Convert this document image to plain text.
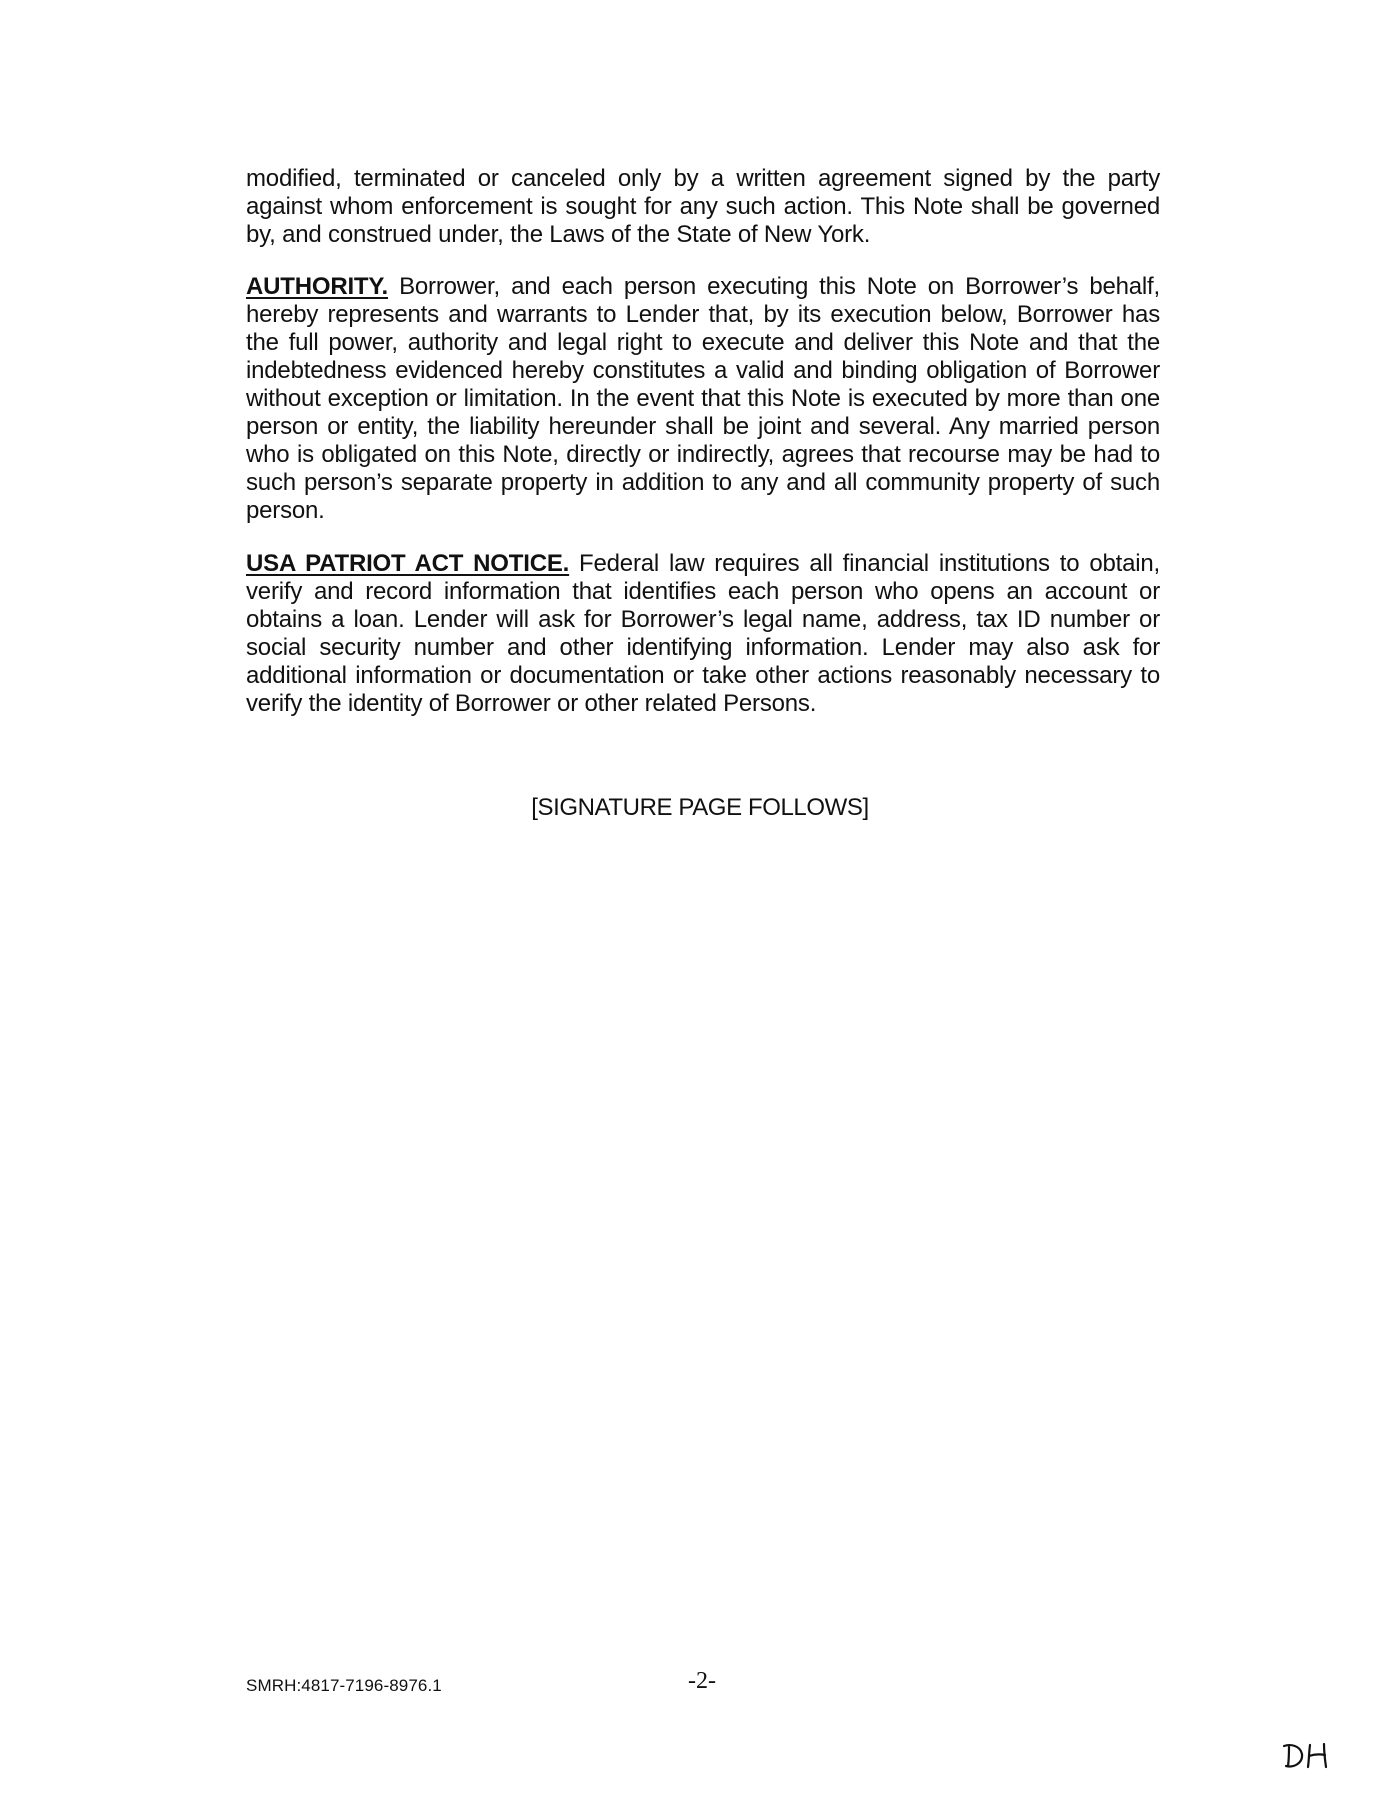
modified, terminated or canceled only by a written agreement signed by the party against whom enforcement is sought for any such action. This Note shall be governed by, and construed under, the Laws of the State of New York.
AUTHORITY. Borrower, and each person executing this Note on Borrower’s behalf, hereby represents and warrants to Lender that, by its execution below, Borrower has the full power, authority and legal right to execute and deliver this Note and that the indebtedness evidenced hereby constitutes a valid and binding obligation of Borrower without exception or limitation. In the event that this Note is executed by more than one person or entity, the liability hereunder shall be joint and several. Any married person who is obligated on this Note, directly or indirectly, agrees that recourse may be had to such person’s separate property in addition to any and all community property of such person.
USA PATRIOT ACT NOTICE. Federal law requires all financial institutions to obtain, verify and record information that identifies each person who opens an account or obtains a loan. Lender will ask for Borrower’s legal name, address, tax ID number or social security number and other identifying information. Lender may also ask for additional information or documentation or take other actions reasonably necessary to verify the identity of Borrower or other related Persons.
[SIGNATURE PAGE FOLLOWS]
SMRH:4817-7196-8976.1	-2-
